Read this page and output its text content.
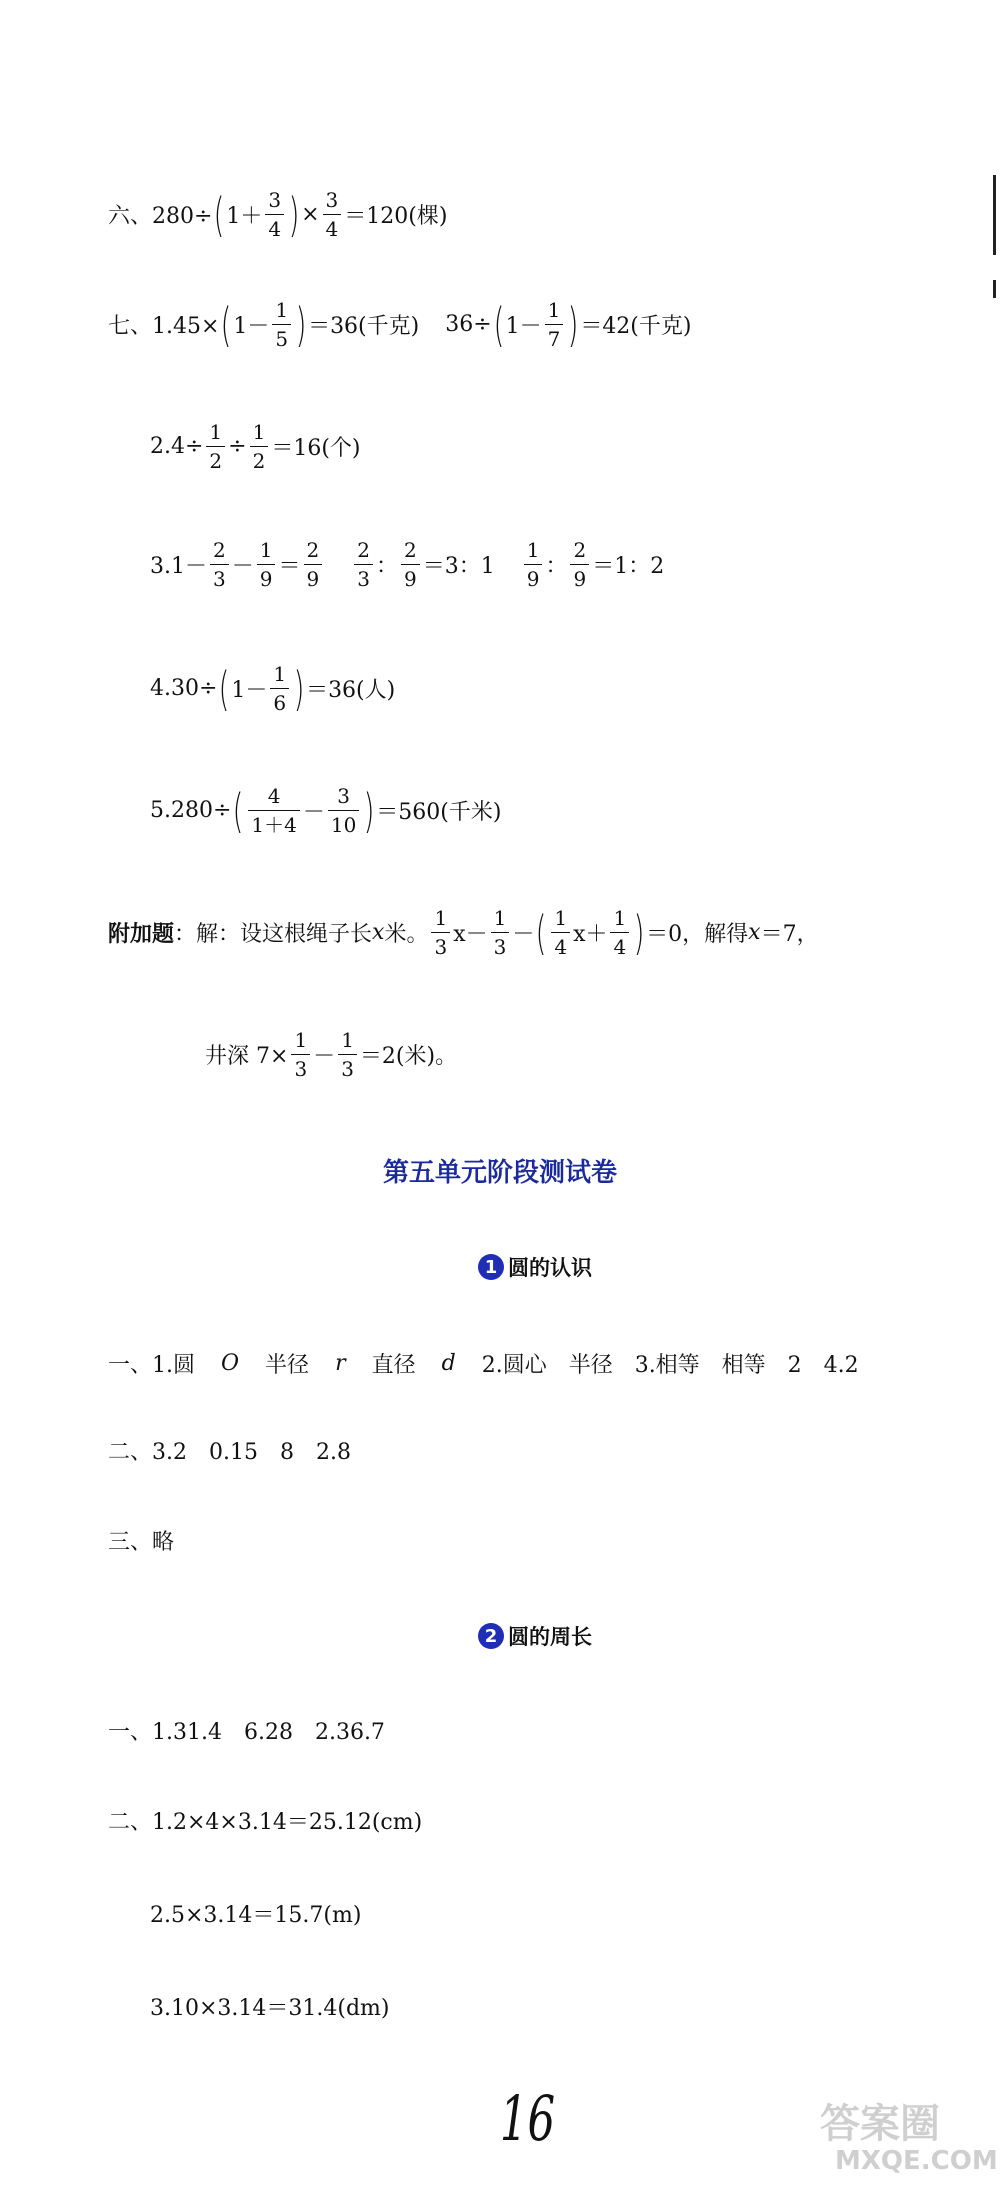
六、280÷ ( $1+ \frac{3}{4}$ ) × $\frac{3}{4} =120$(棵)
七、1.45× ( $1- \frac{1}{5}$ ) ＝36(千克) 36÷ ( $1- \frac{1}{7}$ ) ＝42(千克)
$2.4\div \frac{1}{2} \div \frac{1}{2} =16$(个)
$3.1- \frac{2}{3} - \frac{1}{9} = \frac{2}{9} \frac{2}{3}$ ： $\frac{2}{9} =3$：$1 \frac{1}{9}$ ： $\frac{2}{9} =1$：2
4.30÷ ( $1- \frac{1}{6}$ ) ＝36(人)
5.280÷ ( $\frac{4}{1+4} - \frac{3}{10}$ ) ＝560(千米)
附加题 ：解：设这根绳子长 x 米。 $\frac{1}{3} x- \frac{1}{3}$ － ( $\frac{1}{4} x+ \frac{1}{4}$ ) ＝0，解得 x ＝7，
井深 $7\times \frac{1}{3} - \frac{1}{3} =2$(米)。
第五单元阶段测试卷
1 圆的认识
一、1.圆 O 半径 r 直径 d 2.圆心　半径　3.相等　相等　2　4.2
二、3.2　0.15　8　2.8
三、略
2 圆的周长
一、1.31.4　6.28　2.36.7
二、1.2×4×3.14＝25.12(cm)
2.5×3.14＝15.7(m)
3.10×3.14＝31.4(dm)
16	答案圈
MXQE.COM
